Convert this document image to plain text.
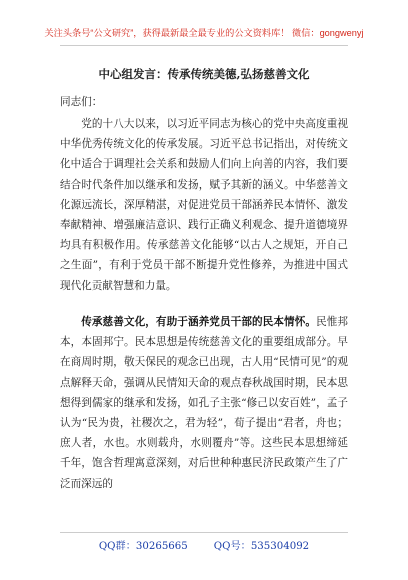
关注头条号“公文研究”，获得最新最全最专业的公文资料库！ 微信：gongwenyj
中心组发言：传承传统美德,弘扬慈善文化
同志们：

党的十八大以来，以习近平同志为核心的党中央高度重视中华优秀传统文化的传承发展。习近平总书记指出，对传统文化中适合于调理社会关系和鼓励人们向上向善的内容，我们要结合时代条件加以继承和发扬，赋予其新的涵义。中华慈善文化源远流长，深厚精湛，对促进党员干部涵养民本情怀、激发奉献精神、增强廉洁意识、践行正确义利观念、提升道德境界均具有积极作用。传承慈善文化能够“以古人之规矩，开自己之生面”，有利于党员干部不断提升党性修养，为推进中国式现代化贡献智慧和力量。

传承慈善文化，有助于涵养党员干部的民本情怀。民惟邦本，本固邦宁。民本思想是传统慈善文化的重要组成部分。早在商周时期，敬天保民的观念已出现，古人用“民情可见”的观点解释天命，强调从民情知天命的观点春秋战国时期，民本思想得到儒家的继承和发扬，如孔子主张“修己以安百姓”，孟子认为“民为贵，社稷次之，君为轻”，荀子提出“君者，舟也；庶人者，水也。水则载舟，水则覆舟”等。这些民本思想缔延千年，饱含哲理寓意深刻，对后世种种惠民济民政策产生了广泛而深远的

QQ群：30265665	QQ号：535304092
